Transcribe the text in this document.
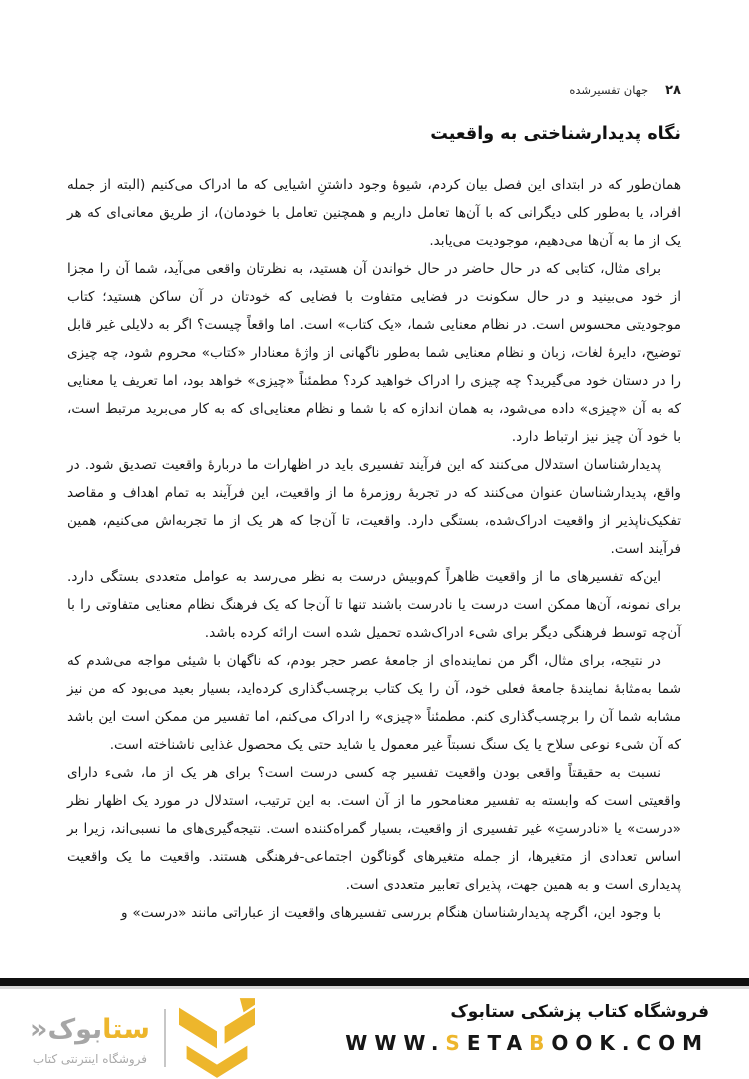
۲۸
جهان تفسیرشده
نگاه پدیدارشناختی به واقعیت

همان‌طور که در ابتدای این فصل بیان کردم، شیوهٔ وجود داشتنِ اشیایی که ما ادراک می‌کنیم (البته از جمله افراد، یا به‌طور کلی دیگرانی که با آن‌ها تعامل داریم و همچنین تعامل با خودمان)، از طریق معانی‌ای که هر یک از ما به آن‌ها می‌دهیم، موجودیت می‌یابد.

برای مثال، کتابی که در حال حاضر در حال خواندن آن هستید، به نظرتان واقعی می‌آید، شما آن را مجزا از خود می‌بینید و در حال سکونت در فضایی متفاوت با فضایی که خودتان در آن ساکن هستید؛ کتاب موجودیتی محسوس است. در نظام معنایی شما، «یک کتاب» است. اما واقعاً چیست؟ اگر به دلایلی غیر قابل توضیح، دایرهٔ لغات، زبان و نظام معنایی شما به‌طور ناگهانی از واژهٔ معنادار «کتاب» محروم شود، چه چیزی را در دستان خود می‌گیرید؟ چه چیزی را ادراک خواهید کرد؟ مطمئناً «چیزی» خواهد بود، اما تعریف یا معنایی که به آن «چیزی» داده می‌شود، به همان اندازه که با شما و نظام معنایی‌ای که به کار می‌برید مرتبط است، با خود آن چیز نیز ارتباط دارد.

پدیدارشناسان استدلال می‌کنند که این فرآیند تفسیری باید در اظهارات ما دربارهٔ واقعیت تصدیق شود. در واقع، پدیدارشناسان عنوان می‌کنند که در تجربهٔ روزمرهٔ ما از واقعیت، این فرآیند به تمام اهداف و مقاصد تفکیک‌ناپذیر از واقعیت ادراک‌شده، بستگی دارد. واقعیت، تا آن‌جا که هر یک از ما تجربه‌اش می‌کنیم، همین فرآیند است.

این‌که تفسیرهای ما از واقعیت ظاهراً کم‌وبیش درست به نظر می‌رسد به عوامل متعددی بستگی دارد. برای نمونه، آن‌ها ممکن است درست یا نادرست باشند تنها تا آن‌جا که یک فرهنگ نظام معنایی متفاوتی را با آن‌چه توسط فرهنگی دیگر برای شیء ادراک‌شده تحمیل شده است ارائه کرده باشد.

در نتیجه، برای مثال، اگر من نماینده‌ای از جامعهٔ عصر حجر بودم، که ناگهان با شیئی مواجه می‌شدم که شما به‌مثابهٔ نمایندهٔ جامعهٔ فعلی خود، آن را یک کتاب برچسب‌گذاری کرده‌اید، بسیار بعید می‌بود که من نیز مشابه شما آن را برچسب‌گذاری کنم. مطمئناً «چیزی» را ادراک می‌کنم، اما تفسیر من ممکن است این باشد که آن شیء نوعی سلاح یا یک سنگ نسبتاً غیر معمول یا شاید حتی یک محصول غذایی ناشناخته است.

نسبت به حقیقتاً واقعی بودن واقعیت تفسیر چه کسی درست است؟ برای هر یک از ما، شیء دارای واقعیتی است که وابسته به تفسیر معنامحور ما از آن است. به این ترتیب، استدلال در مورد یک اظهار نظر «درست» یا «نادرستِ» غیر تفسیری از واقعیت، بسیار گمراه‌کننده است. نتیجه‌گیری‌های ما نسبی‌اند، زیرا بر اساس تعدادی از متغیرها، از جمله متغیرهای گوناگون اجتماعی-فرهنگی هستند. واقعیت ما یک واقعیت پدیداری است و به همین جهت، پذیرای تعابیر متعددی است.

با وجود این، اگرچه پدیدارشناسان هنگام بررسی تفسیرهای واقعیت از عباراتی مانند «درست» و

فروشگاه کتاب پزشکی ستابوک
WWW.SETABOOK.COM
ستابوک«
فروشگاه اینترنتی کتاب
